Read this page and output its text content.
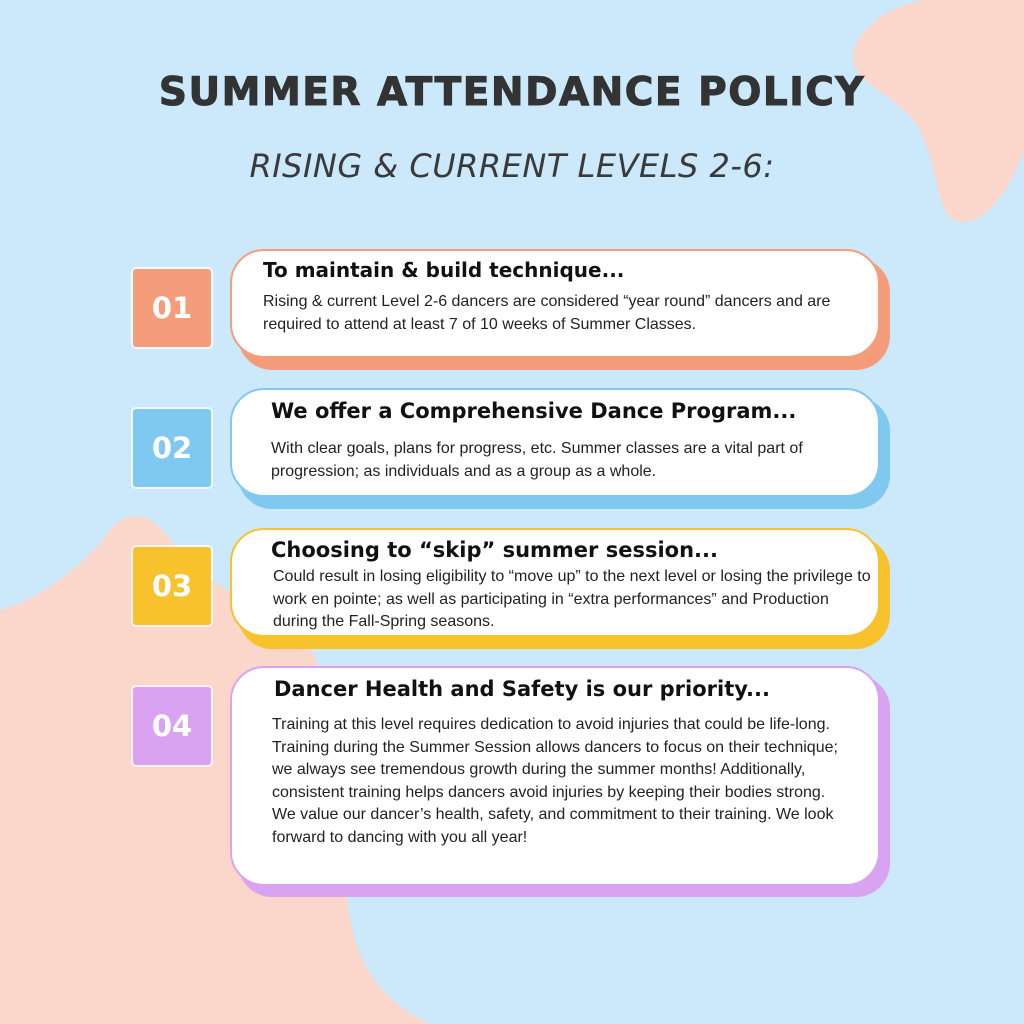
SUMMER ATTENDANCE POLICY
RISING & CURRENT LEVELS 2-6:
01
To maintain & build technique...
Rising & current Level 2-6 dancers are considered “year round” dancers and are required to attend at least 7 of 10 weeks of Summer Classes.
02
We offer a Comprehensive Dance Program...
With clear goals, plans for progress, etc. Summer classes are a vital part of progression; as individuals and as a group as a whole.
03
Choosing to “skip” summer session...
Could result in losing eligibility to “move up” to the next level or losing the privilege to work en pointe; as well as participating in “extra performances” and Production during the Fall-Spring seasons.
04
Dancer Health and Safety is our priority...
Training at this level requires dedication to avoid injuries that could be life-long. Training during the Summer Session allows dancers to focus on their technique; we always see tremendous growth during the summer months! Additionally, consistent training helps dancers avoid injuries by keeping their bodies strong. We value our dancer’s health, safety, and commitment to their training. We look forward to dancing with you all year!
